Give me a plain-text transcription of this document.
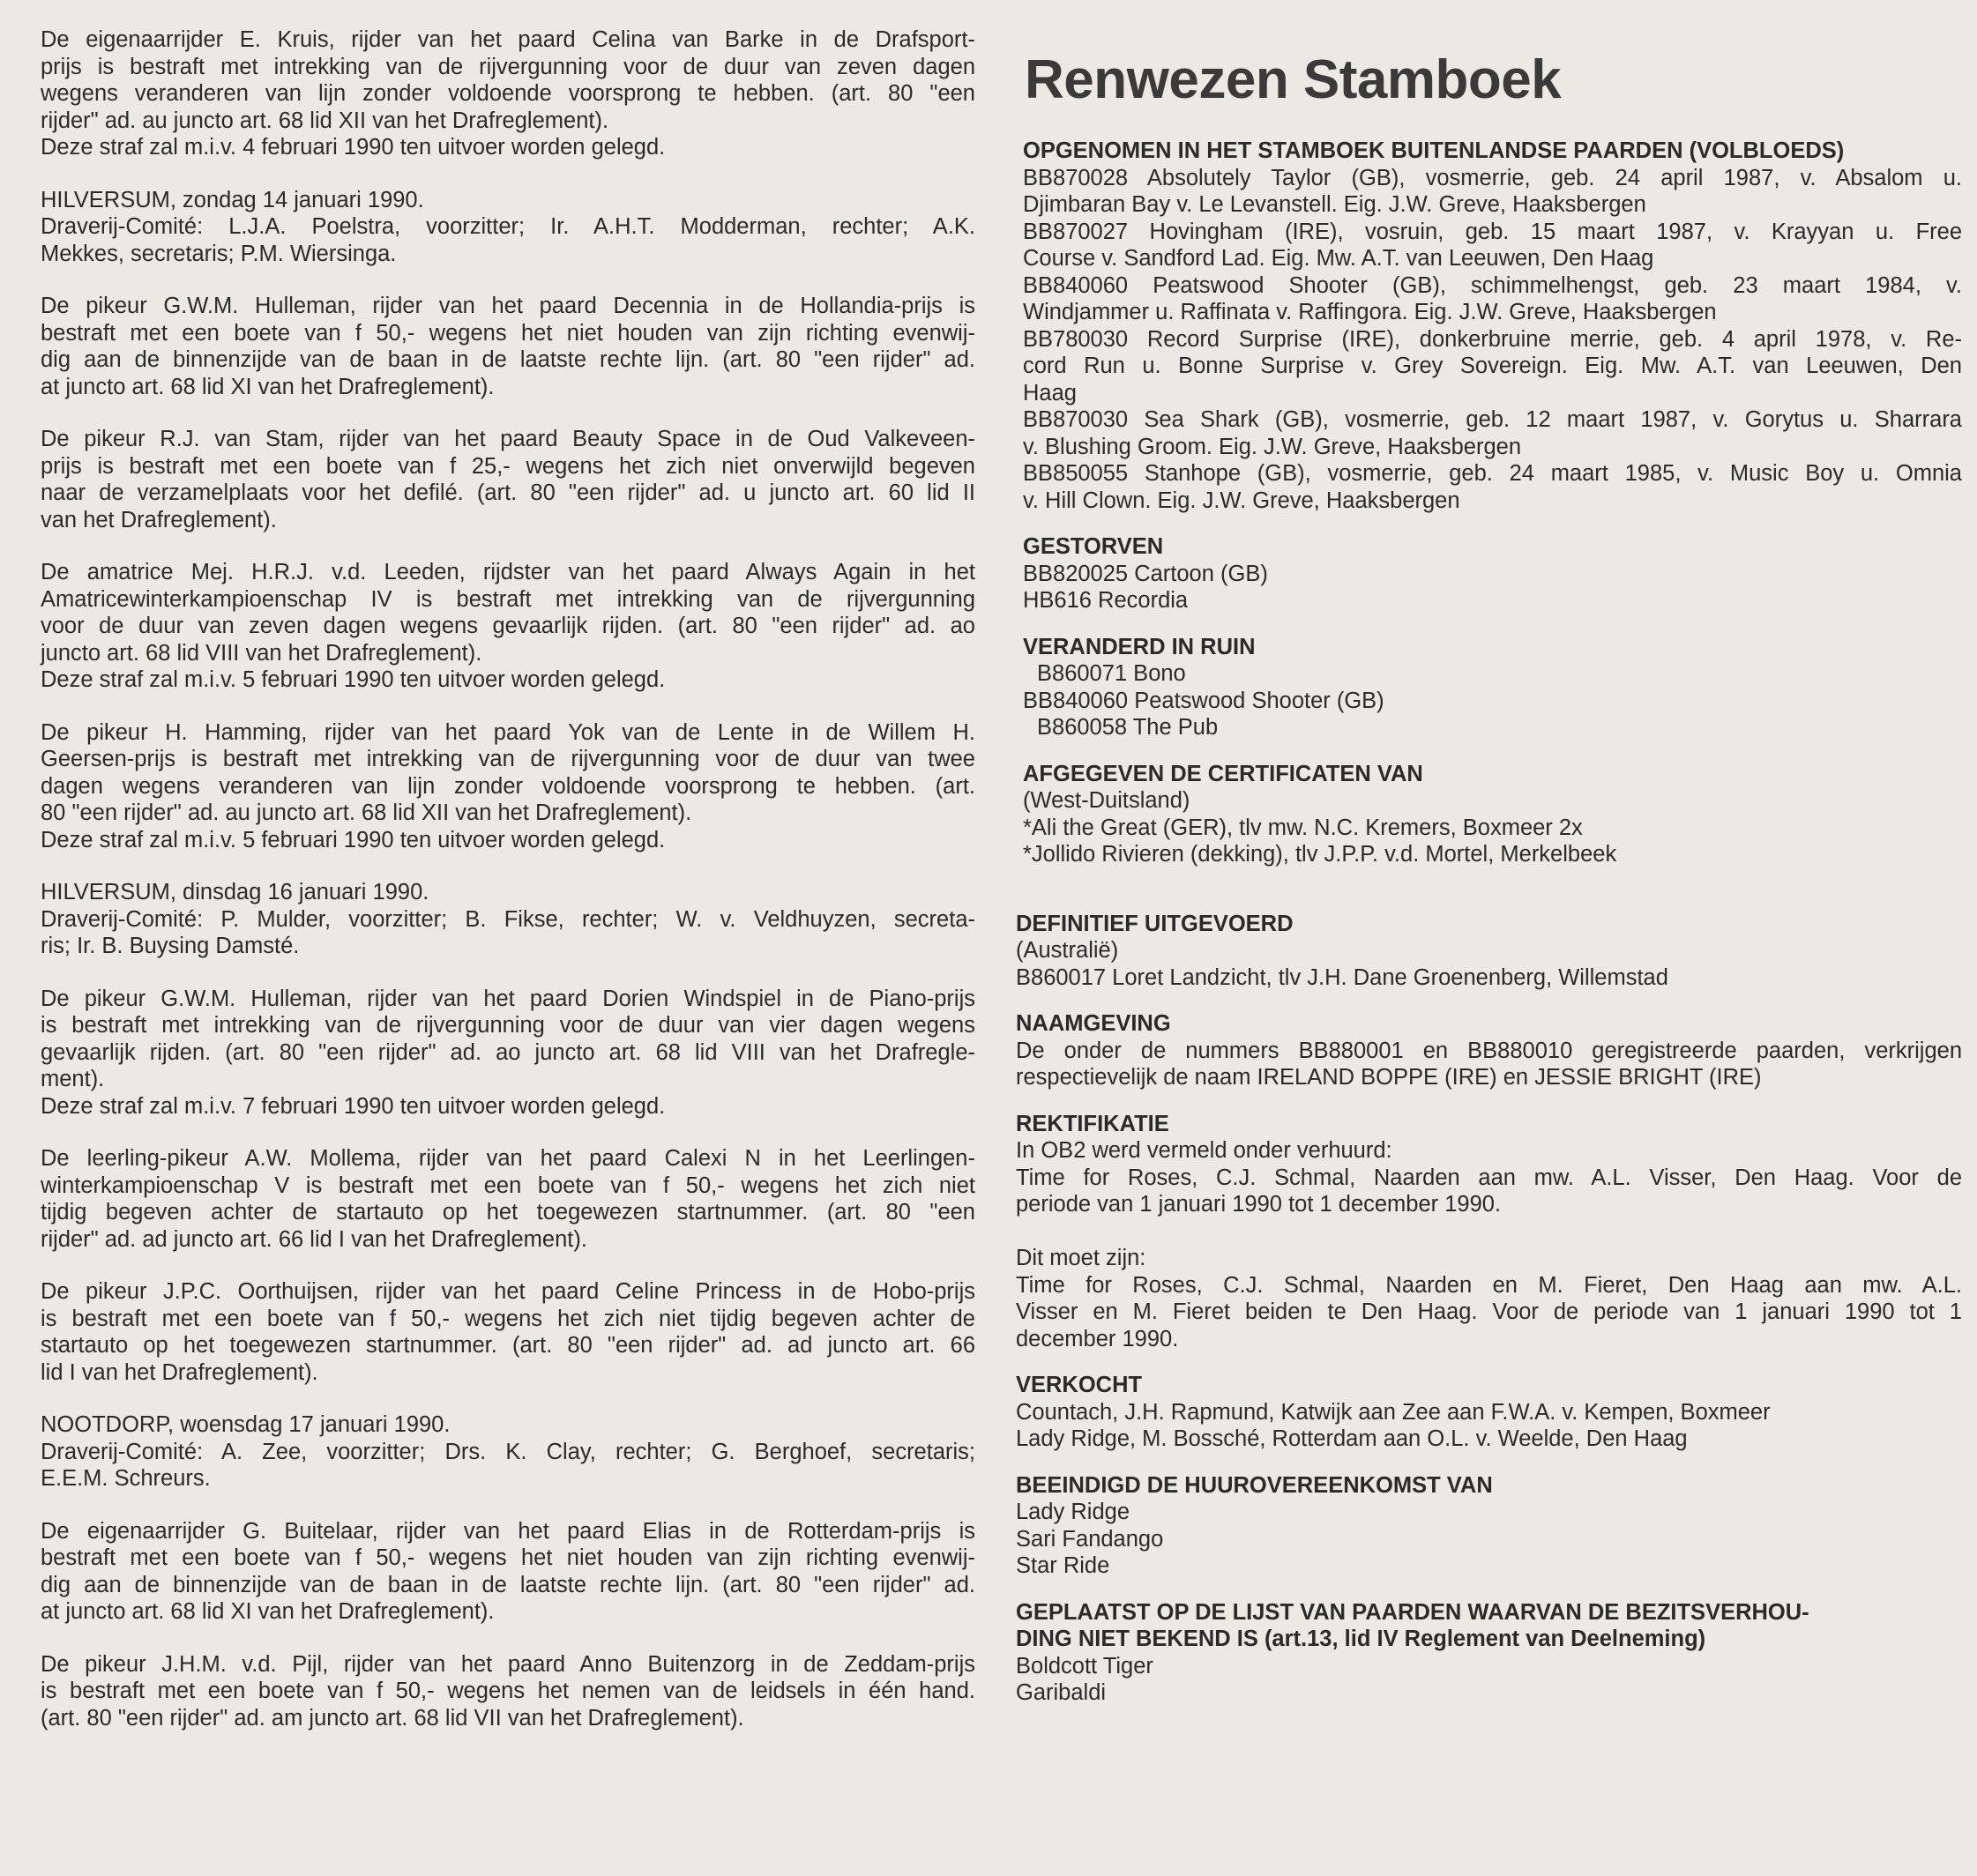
De eigenaarrijder E. Kruis, rijder van het paard Celina van Barke in de Drafsport-
prijs is bestraft met intrekking van de rijvergunning voor de duur van zeven dagen
wegens veranderen van lijn zonder voldoende voorsprong te hebben. (art. 80 "een
rijder" ad. au juncto art. 68 lid XII van het Drafreglement).
Deze straf zal m.i.v. 4 februari 1990 ten uitvoer worden gelegd.
HILVERSUM, zondag 14 januari 1990.
Draverij-Comité: L.J.A. Poelstra, voorzitter; Ir. A.H.T. Modderman, rechter; A.K.
Mekkes, secretaris; P.M. Wiersinga.
De pikeur G.W.M. Hulleman, rijder van het paard Decennia in de Hollandia-prijs is
bestraft met een boete van f 50,- wegens het niet houden van zijn richting evenwij-
dig aan de binnenzijde van de baan in de laatste rechte lijn. (art. 80 "een rijder" ad.
at juncto art. 68 lid XI van het Drafreglement).
De pikeur R.J. van Stam, rijder van het paard Beauty Space in de Oud Valkeveen-
prijs is bestraft met een boete van f 25,- wegens het zich niet onverwijld begeven
naar de verzamelplaats voor het defilé. (art. 80 "een rijder" ad. u juncto art. 60 lid II
van het Drafreglement).
De amatrice Mej. H.R.J. v.d. Leeden, rijdster van het paard Always Again in het
Amatricewinterkampioenschap IV is bestraft met intrekking van de rijvergunning
voor de duur van zeven dagen wegens gevaarlijk rijden. (art. 80 "een rijder" ad. ao
juncto art. 68 lid VIII van het Drafreglement).
Deze straf zal m.i.v. 5 februari 1990 ten uitvoer worden gelegd.
De pikeur H. Hamming, rijder van het paard Yok van de Lente in de Willem H.
Geersen-prijs is bestraft met intrekking van de rijvergunning voor de duur van twee
dagen wegens veranderen van lijn zonder voldoende voorsprong te hebben. (art.
80 "een rijder" ad. au juncto art. 68 lid XII van het Drafreglement).
Deze straf zal m.i.v. 5 februari 1990 ten uitvoer worden gelegd.
HILVERSUM, dinsdag 16 januari 1990.
Draverij-Comité: P. Mulder, voorzitter; B. Fikse, rechter; W. v. Veldhuyzen, secreta-
ris; Ir. B. Buysing Damsté.
De pikeur G.W.M. Hulleman, rijder van het paard Dorien Windspiel in de Piano-prijs
is bestraft met intrekking van de rijvergunning voor de duur van vier dagen wegens
gevaarlijk rijden. (art. 80 "een rijder" ad. ao juncto art. 68 lid VIII van het Drafregle-
ment).
Deze straf zal m.i.v. 7 februari 1990 ten uitvoer worden gelegd.
De leerling-pikeur A.W. Mollema, rijder van het paard Calexi N in het Leerlingen-
winterkampioenschap V is bestraft met een boete van f 50,- wegens het zich niet
tijdig begeven achter de startauto op het toegewezen startnummer. (art. 80 "een
rijder" ad. ad juncto art. 66 lid I van het Drafreglement).
De pikeur J.P.C. Oorthuijsen, rijder van het paard Celine Princess in de Hobo-prijs
is bestraft met een boete van f 50,- wegens het zich niet tijdig begeven achter de
startauto op het toegewezen startnummer. (art. 80 "een rijder" ad. ad juncto art. 66
lid I van het Drafreglement).
NOOTDORP, woensdag 17 januari 1990.
Draverij-Comité: A. Zee, voorzitter; Drs. K. Clay, rechter; G. Berghoef, secretaris;
E.E.M. Schreurs.
De eigenaarrijder G. Buitelaar, rijder van het paard Elias in de Rotterdam-prijs is
bestraft met een boete van f 50,- wegens het niet houden van zijn richting evenwij-
dig aan de binnenzijde van de baan in de laatste rechte lijn. (art. 80 "een rijder" ad.
at juncto art. 68 lid XI van het Drafreglement).
De pikeur J.H.M. v.d. Pijl, rijder van het paard Anno Buitenzorg in de Zeddam-prijs
is bestraft met een boete van f 50,- wegens het nemen van de leidsels in één hand.
(art. 80 "een rijder" ad. am juncto art. 68 lid VII van het Drafreglement).
Renwezen Stamboek
OPGENOMEN IN HET STAMBOEK BUITENLANDSE PAARDEN (VOLBLOEDS)
BB870028 Absolutely Taylor (GB), vosmerrie, geb. 24 april 1987, v. Absalom u.
Djimbaran Bay v. Le Levanstell. Eig. J.W. Greve, Haaksbergen
BB870027 Hovingham (IRE), vosruin, geb. 15 maart 1987, v. Krayyan u. Free
Course v. Sandford Lad. Eig. Mw. A.T. van Leeuwen, Den Haag
BB840060 Peatswood Shooter (GB), schimmelhengst, geb. 23 maart 1984, v.
Windjammer u. Raffinata v. Raffingora. Eig. J.W. Greve, Haaksbergen
BB780030 Record Surprise (IRE), donkerbruine merrie, geb. 4 april 1978, v. Re-
cord Run u. Bonne Surprise v. Grey Sovereign. Eig. Mw. A.T. van Leeuwen, Den
Haag
BB870030 Sea Shark (GB), vosmerrie, geb. 12 maart 1987, v. Gorytus u. Sharrara
v. Blushing Groom. Eig. J.W. Greve, Haaksbergen
BB850055 Stanhope (GB), vosmerrie, geb. 24 maart 1985, v. Music Boy u. Omnia
v. Hill Clown. Eig. J.W. Greve, Haaksbergen
GESTORVEN
BB820025 Cartoon (GB)
HB616 Recordia
VERANDERD IN RUIN
B860071 Bono
BB840060 Peatswood Shooter (GB)
B860058 The Pub
AFGEGEVEN DE CERTIFICATEN VAN
(West-Duitsland)
*Ali the Great (GER), tlv mw. N.C. Kremers, Boxmeer 2x
*Jollido Rivieren (dekking), tlv J.P.P. v.d. Mortel, Merkelbeek
DEFINITIEF UITGEVOERD
(Australië)
B860017 Loret Landzicht, tlv J.H. Dane Groenenberg, Willemstad
NAAMGEVING
De onder de nummers BB880001 en BB880010 geregistreerde paarden, verkrijgen
respectievelijk de naam IRELAND BOPPE (IRE) en JESSIE BRIGHT (IRE)
REKTIFIKATIE
In OB2 werd vermeld onder verhuurd:
Time for Roses, C.J. Schmal, Naarden aan mw. A.L. Visser, Den Haag. Voor de
periode van 1 januari 1990 tot 1 december 1990.

Dit moet zijn:
Time for Roses, C.J. Schmal, Naarden en M. Fieret, Den Haag aan mw. A.L.
Visser en M. Fieret beiden te Den Haag. Voor de periode van 1 januari 1990 tot 1
december 1990.
VERKOCHT
Countach, J.H. Rapmund, Katwijk aan Zee aan F.W.A. v. Kempen, Boxmeer
Lady Ridge, M. Bossché, Rotterdam aan O.L. v. Weelde, Den Haag
BEEINDIGD DE HUUROVEREENKOMST VAN
Lady Ridge
Sari Fandango
Star Ride
GEPLAATST OP DE LIJST VAN PAARDEN WAARVAN DE BEZITSVERHOU-
DING NIET BEKEND IS (art.13, lid IV Reglement van Deelneming)
Boldcott Tiger
Garibaldi
